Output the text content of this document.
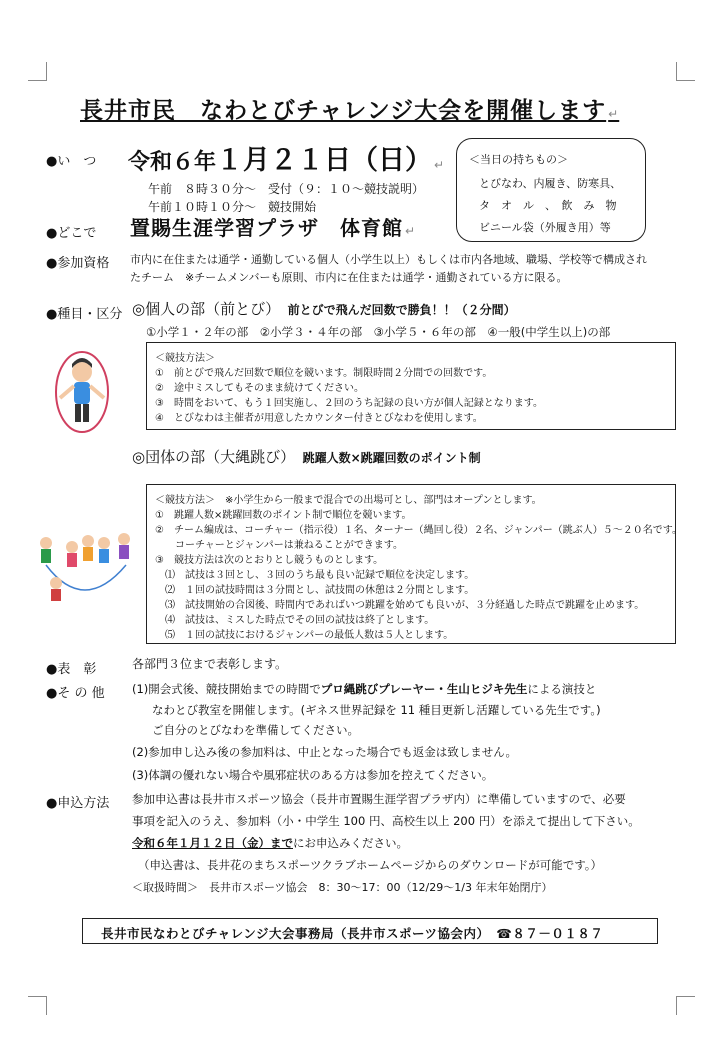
長井市民　なわとびチャレンジ大会を開催します ↵
●い　つ 令和６年１月２１日（日） ↵
午前　８時３０分～　受付（９：１０～競技説明）
午前１０時１０分～　競技開始
＜当日の持ちもの＞
とびなわ、内履き、防寒具、
タ　オ　ル　、　飲　み　物
ビニール袋（外履き用）等
●どこで 置賜生涯学習プラザ　体育館 ↵
●参加資格 市内に在住または通学・通勤している個人（小学生以上）もしくは市内各地域、職場、学校等で構成され
たチーム　※チームメンバーも原則、市内に在住または通学・通勤されている方に限る。
●種目・区分 ◎個人の部（前とび）　 前とびで飛んだ回数で勝負！！（２分間）
①小学１・２年の部　②小学３・４年の部　③小学５・６年の部　④一般(中学生以上)の部
＜競技方法＞
①　前とびで飛んだ回数で順位を競います。制限時間２分間での回数です。
②　途中ミスしてもそのまま続けてください。
③　時間をおいて、もう１回実施し、２回のうち記録の良い方が個人記録となります。
④　とびなわは主催者が用意したカウンター付きとびなわを使用します。
◎団体の部（大縄跳び）　 跳躍人数×跳躍回数のポイント制
＜競技方法＞　※小学生から一般まで混合での出場可とし、部門はオープンとします。
①　跳躍人数×跳躍回数のポイント制で順位を競います。
②　チーム編成は、コーチャー（指示役）１名、ターナー（縄回し役）２名、ジャンパー（跳ぶ人）５～２０名です。
　　コーチャーとジャンパーは兼ねることができます。
③　競技方法は次のとおりとし競うものとします。
　⑴　試技は３回とし、３回のうち最も良い記録で順位を決定します。
　⑵　１回の試技時間は３分間とし、試技間の休憩は２分間とします。
　⑶　試技開始の合図後、時間内であればいつ跳躍を始めても良いが、３分経過した時点で跳躍を止めます。
　⑷　試技は、ミスした時点でその回の試技は終了とします。
　⑸　１回の試技におけるジャンパーの最低人数は５人とします。
●表　彰	各部門３位まで表彰します。
●そ の 他 (1)開会式後、競技開始までの時間でプロ縄跳びプレーヤー・生山ヒジキ先生による演技と
なわとび教室を開催します。(ギネス世界記録を 11 種目更新し活躍している先生です。)
ご自分のとびなわを準備してください。
(2)参加申し込み後の参加料は、中止となった場合でも返金は致しません。
(3)体調の優れない場合や風邪症状のある方は参加を控えてください。
●申込方法 参加申込書は長井市スポーツ協会（長井市置賜生涯学習プラザ内）に準備していますので、必要
事項を記入のうえ、参加料（小・中学生 100 円、高校生以上 200 円）を添えて提出して下さい。
令和６年１月１２日（金）までにお申込みください。
（申込書は、長井花のまちスポーツクラブホームページからのダウンロードが可能です。）
＜取扱時間＞　長井市スポーツ協会　8：30～17：00（12/29～1/3 年末年始閉庁）
長井市民なわとびチャレンジ大会事務局（長井市スポーツ協会内）　☎８７－０１８７
